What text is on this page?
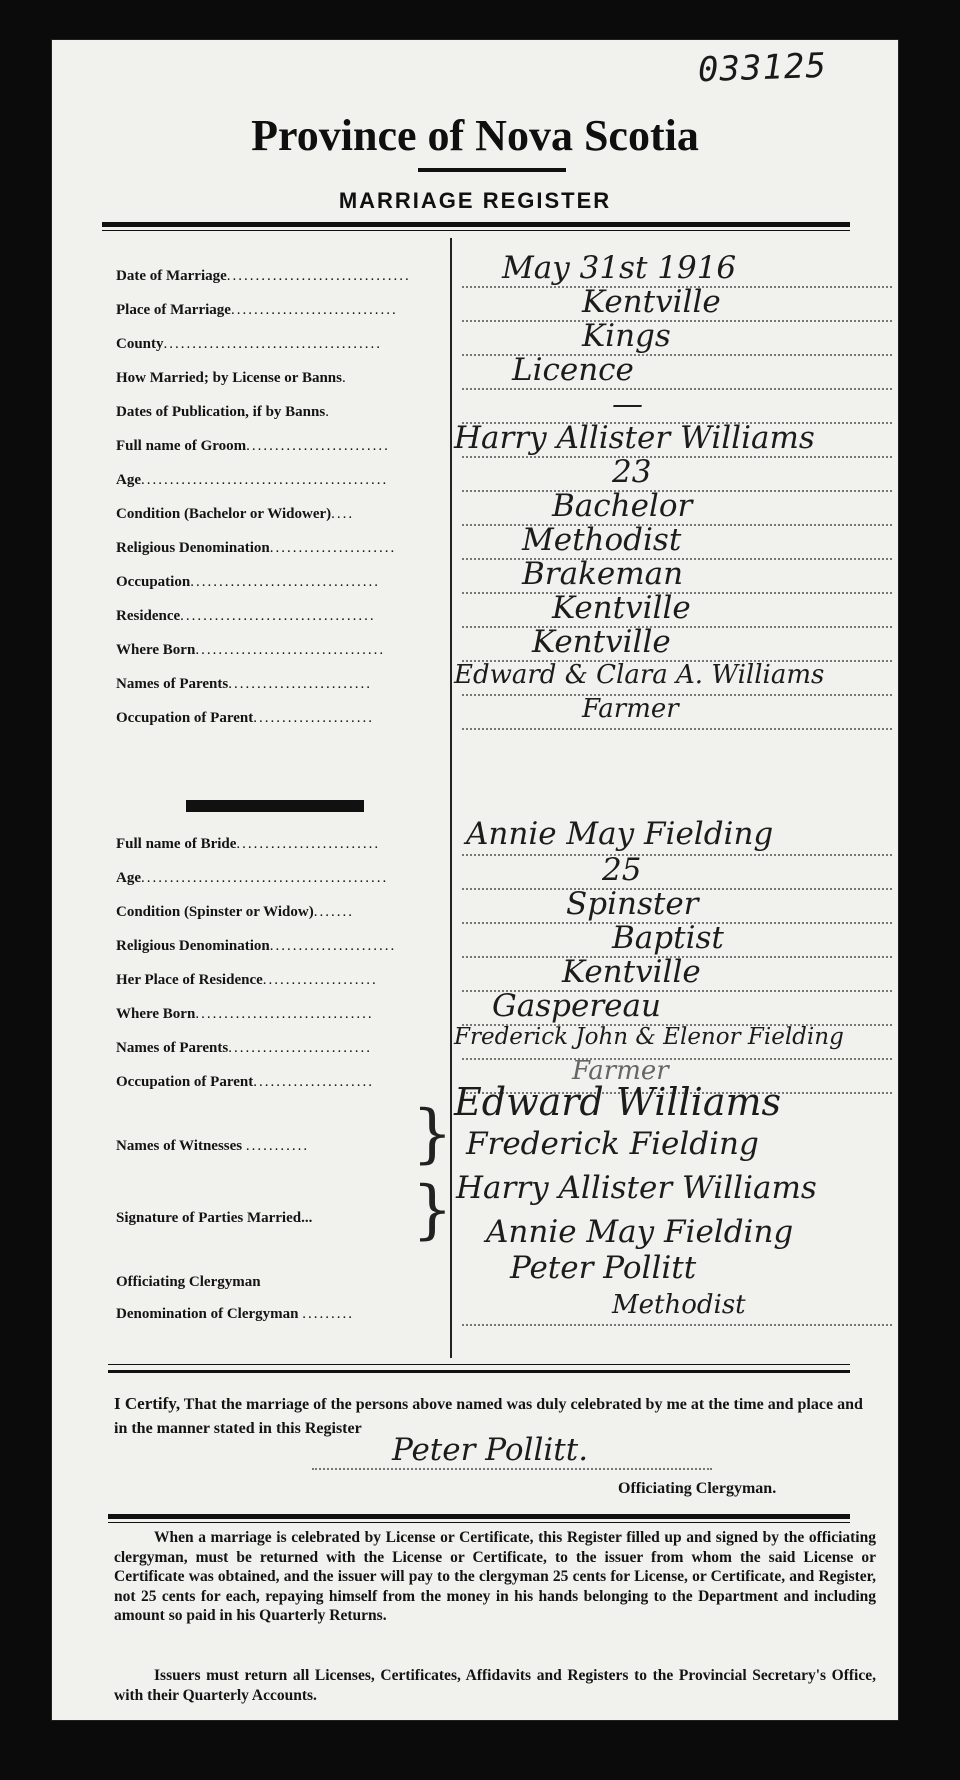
033125
Province of Nova Scotia
MARRIAGE REGISTER
Date of Marriage................................	May 31st 1916
Place of Marriage.............................	Kentville
County......................................	Kings
How Married; by License or Banns.	Licence
Dates of Publication, if by Banns.	—
Full name of Groom.........................	Harry Allister Williams
Age...........................................	23
Condition (Bachelor or Widower)....	Bachelor
Religious Denomination......................	Methodist
Occupation.................................	Brakeman
Residence..................................	Kentville
Where Born.................................	Kentville
Names of Parents.........................	Edward & Clara A. Williams
Occupation of Parent.....................	Farmer
Full name of Bride.........................	Annie May Fielding
Age...........................................	25
Condition (Spinster or Widow).......	Spinster
Religious Denomination......................	Baptist
Her Place of Residence....................	Kentville
Where Born...............................	Gaspereau
Names of Parents.........................	Frederick John & Elenor Fielding
Occupation of Parent.....................	Farmer
Names of Witnesses ...........	} Edward Williams
Frederick Fielding
Signature of Parties Married...	} Harry Allister Williams
Annie May Fielding
Officiating Clergyman	Peter Pollitt
Denomination of Clergyman .........	Methodist
I Certify, That the marriage of the persons above named was duly celebrated by me at the time and place and in the manner stated in this Register
Peter Pollitt.
Officiating Clergyman.
When a marriage is celebrated by License or Certificate, this Register filled up and signed by the officiating clergyman, must be returned with the License or Certificate, to the issuer from whom the said License or Certificate was obtained, and the issuer will pay to the clergyman 25 cents for License, or Certificate, and Register, not 25 cents for each, repaying himself from the money in his hands belonging to the Department and including amount so paid in his Quarterly Returns.
Issuers must return all Licenses, Certificates, Affidavits and Registers to the Provincial Secretary's Office, with their Quarterly Accounts.
